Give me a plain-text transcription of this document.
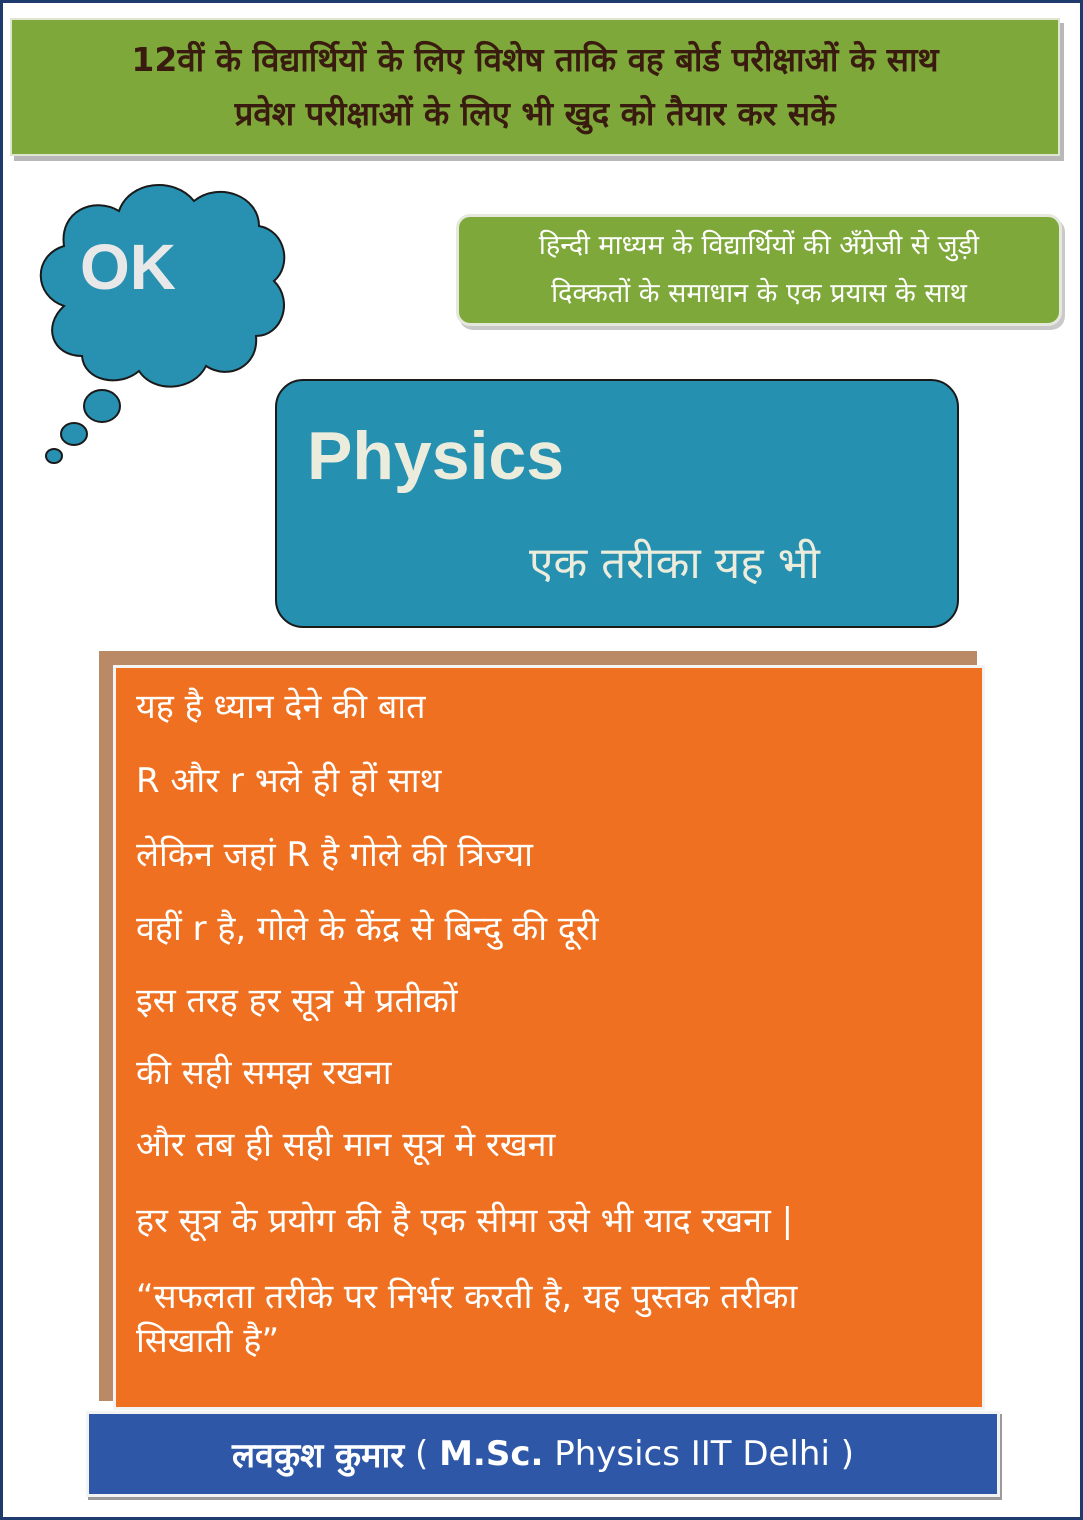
12वीं के विद्यार्थियों के लिए विशेष ताकि वह बोर्ड परीक्षाओं के साथ
प्रवेश परीक्षाओं के लिए भी खुद को तैयार कर सकें
OK	हिन्दी माध्यम के विद्यार्थियों की अँग्रेजी से जुड़ी
दिक्कतों के समाधान के एक प्रयास के साथ
Physics
एक तरीका यह भी

यह है ध्यान देने की बात

R और r भले ही हों साथ

लेकिन जहां R है गोले की त्रिज्या

वहीं r है, गोले के केंद्र से बिन्दु की दूरी

इस तरह हर सूत्र मे प्रतीकों

की सही समझ रखना

और तब ही सही मान सूत्र मे रखना

हर सूत्र के प्रयोग की है एक सीमा उसे भी याद रखना |

“सफलता तरीके पर निर्भर करती है, यह पुस्तक तरीका

सिखाती है”

लवकुश कुमार ( M.Sc. Physics IIT Delhi )
